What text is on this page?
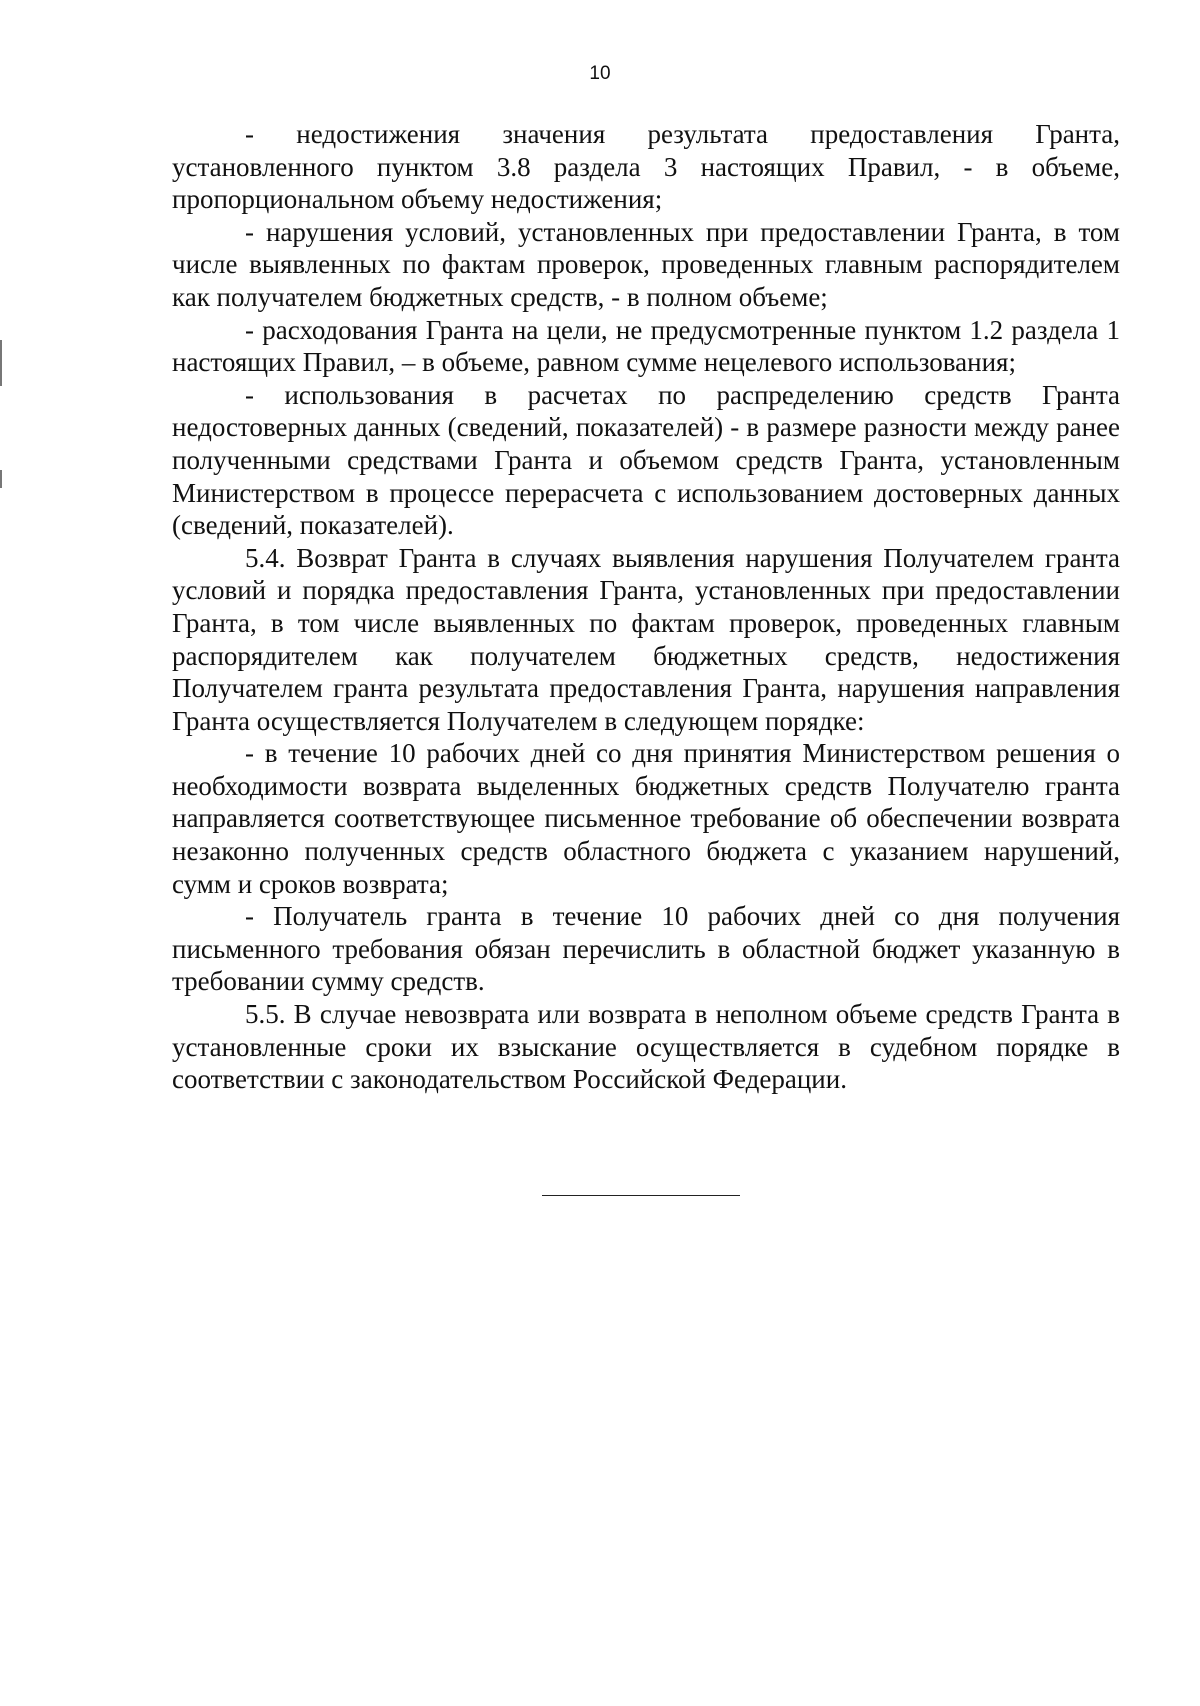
10

- недостижения значения результата предоставления Гранта, установленного пунктом 3.8 раздела 3 настоящих Правил, - в объеме, пропорциональном объему недостижения;

- нарушения условий, установленных при предоставлении Гранта, в том числе выявленных по фактам проверок, проведенных главным распорядителем как получателем бюджетных средств, - в полном объеме;

- расходования Гранта на цели, не предусмотренные пунктом 1.2 раздела 1 настоящих Правил, – в объеме, равном сумме нецелевого использования;

- использования в расчетах по распределению средств Гранта недостоверных данных (сведений, показателей) - в размере разности между ранее полученными средствами Гранта и объемом средств Гранта, установленным Министерством в процессе перерасчета с использованием достоверных данных (сведений, показателей).

5.4. Возврат Гранта в случаях выявления нарушения Получателем гранта условий и порядка предоставления Гранта, установленных при предоставлении Гранта, в том числе выявленных по фактам проверок, проведенных главным распорядителем как получателем бюджетных средств, недостижения Получателем гранта результата предоставления Гранта, нарушения направления Гранта осуществляется Получателем в следующем порядке:

- в течение 10 рабочих дней со дня принятия Министерством решения о необходимости возврата выделенных бюджетных средств Получателю гранта направляется соответствующее письменное требование об обеспечении возврата незаконно полученных средств областного бюджета с указанием нарушений, сумм и сроков возврата;

- Получатель гранта в течение 10 рабочих дней со дня получения письменного требования обязан перечислить в областной бюджет указанную в требовании сумму средств.

5.5. В случае невозврата или возврата в неполном объеме средств Гранта в установленные сроки их взыскание осуществляется в судебном порядке в соответствии с законодательством Российской Федерации.
